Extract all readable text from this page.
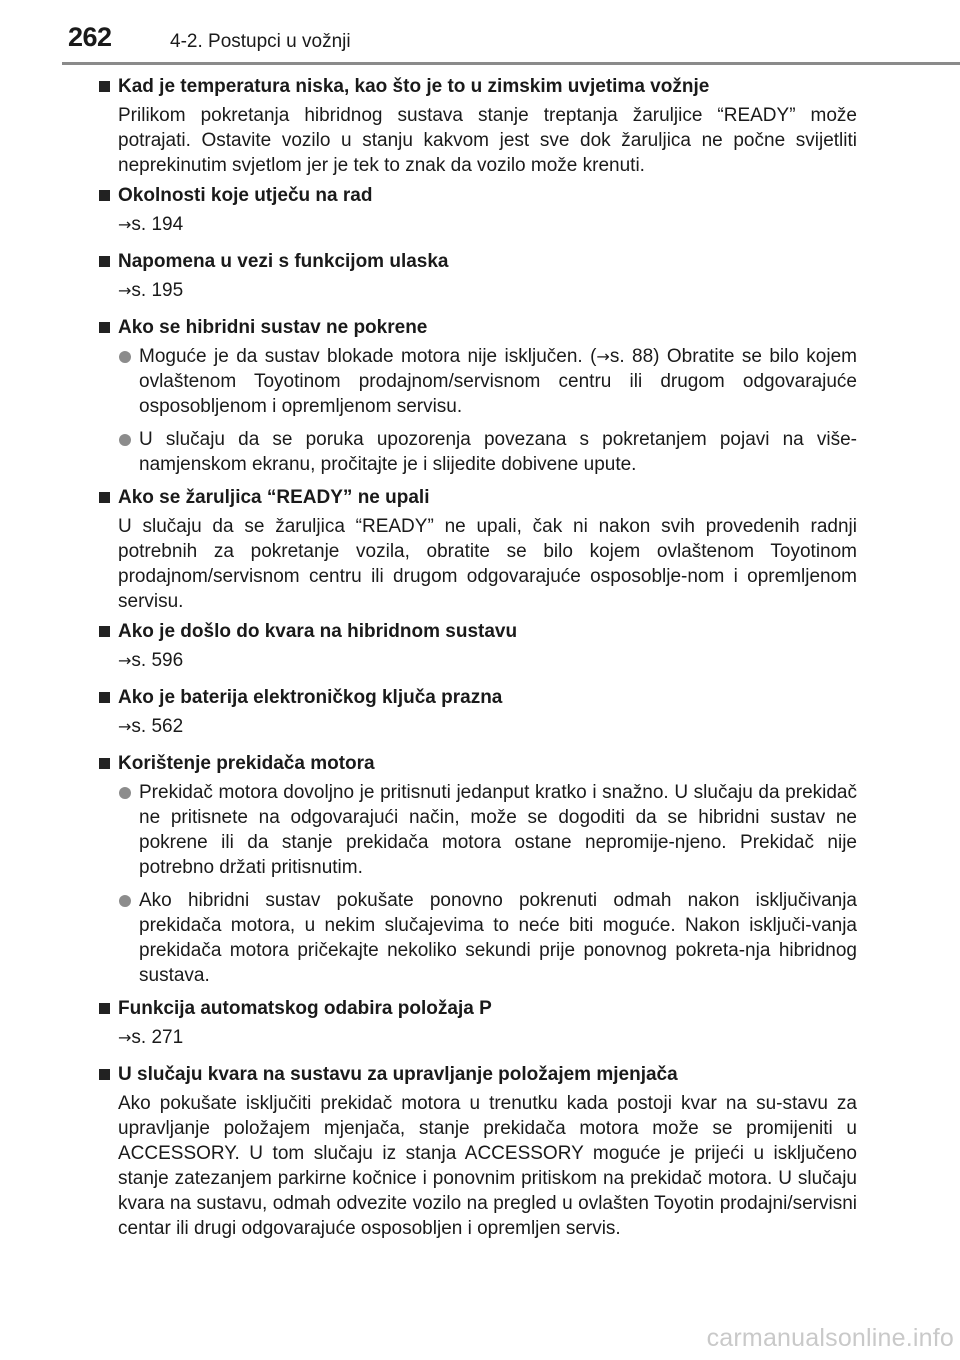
262	4-2. Postupci u vožnji
Kad je temperatura niska, kao što je to u zimskim uvjetima vožnje
Prilikom pokretanja hibridnog sustava stanje treptanja žaruljice “READY” može potrajati. Ostavite vozilo u stanju kakvom jest sve dok žaruljica ne počne svijetliti neprekinutim svjetlom jer je tek to znak da vozilo može krenuti.
Okolnosti koje utječu na rad
→s. 194
Napomena u vezi s funkcijom ulaska
→s. 195
Ako se hibridni sustav ne pokrene
Moguće je da sustav blokade motora nije isključen. (→s. 88) Obratite se bilo kojem ovlaštenom Toyotinom prodajnom/servisnom centru ili drugom odgovarajuće osposobljenom i opremljenom servisu.
U slučaju da se poruka upozorenja povezana s pokretanjem pojavi na više-namjenskom ekranu, pročitajte je i slijedite dobivene upute.
Ako se žaruljica “READY” ne upali
U slučaju da se žaruljica “READY” ne upali, čak ni nakon svih provedenih radnji potrebnih za pokretanje vozila, obratite se bilo kojem ovlaštenom Toyotinom prodajnom/servisnom centru ili drugom odgovarajuće osposoblje-nom i opremljenom servisu.
Ako je došlo do kvara na hibridnom sustavu
→s. 596
Ako je baterija elektroničkog ključa prazna
→s. 562
Korištenje prekidača motora
Prekidač motora dovoljno je pritisnuti jedanput kratko i snažno. U slučaju da prekidač ne pritisnete na odgovarajući način, može se dogoditi da se hibridni sustav ne pokrene ili da stanje prekidača motora ostane nepromije-njeno. Prekidač nije potrebno držati pritisnutim.
Ako hibridni sustav pokušate ponovno pokrenuti odmah nakon isključivanja prekidača motora, u nekim slučajevima to neće biti moguće. Nakon isključi-vanja prekidača motora pričekajte nekoliko sekundi prije ponovnog pokreta-nja hibridnog sustava.
Funkcija automatskog odabira položaja P
→s. 271
U slučaju kvara na sustavu za upravljanje položajem mjenjača
Ako pokušate isključiti prekidač motora u trenutku kada postoji kvar na su-stavu za upravljanje položajem mjenjača, stanje prekidača motora može se promijeniti u ACCESSORY. U tom slučaju iz stanja ACCESSORY moguće je prijeći u isključeno stanje zatezanjem parkirne kočnice i ponovnim pritiskom na prekidač motora. U slučaju kvara na sustavu, odmah odvezite vozilo na pregled u ovlašten Toyotin prodajni/servisni centar ili drugi odgovarajuće osposobljen i opremljen servis.
carmanualsonline.info
